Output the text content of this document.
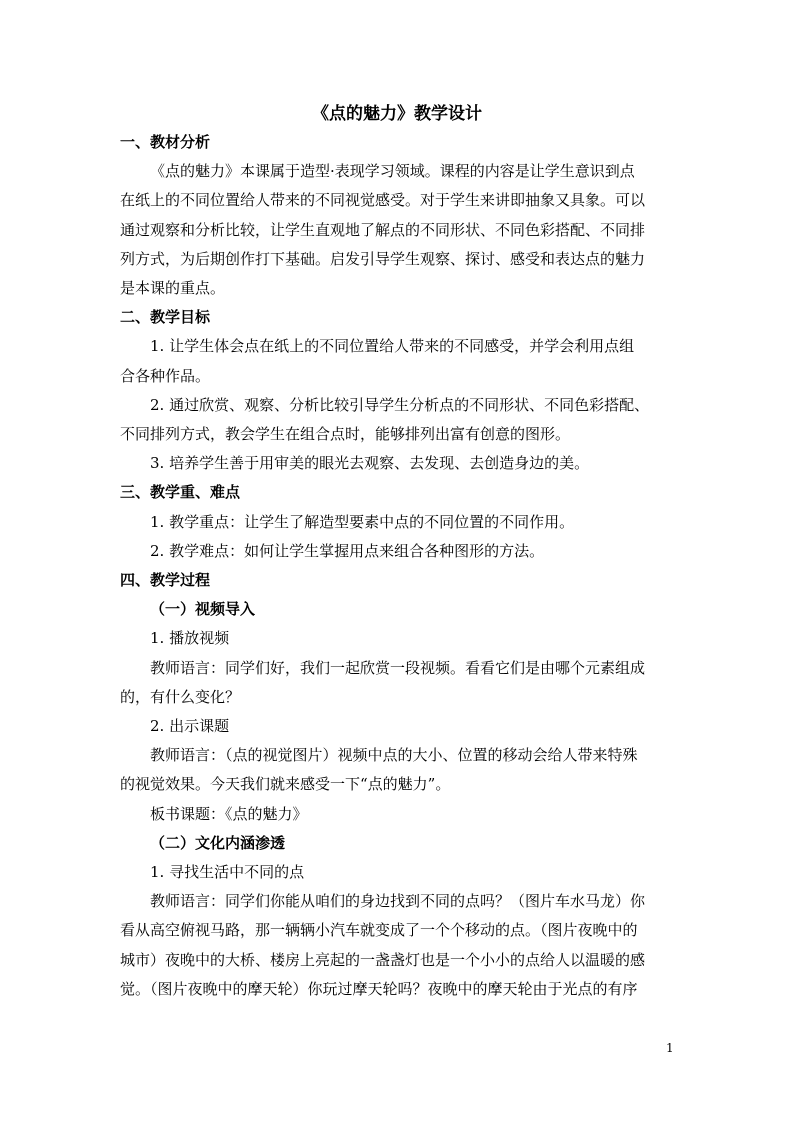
《点的魅力》教学设计
一、教材分析
《点的魅力》本课属于造型·表现学习领域。课程的内容是让学生意识到点
在纸上的不同位置给人带来的不同视觉感受。对于学生来讲即抽象又具象。可以
通过观察和分析比较，让学生直观地了解点的不同形状、不同色彩搭配、不同排
列方式，为后期创作打下基础。启发引导学生观察、探讨、感受和表达点的魅力
是本课的重点。
二、教学目标
1. 让学生体会点在纸上的不同位置给人带来的不同感受，并学会利用点组
合各种作品。
2. 通过欣赏、观察、分析比较引导学生分析点的不同形状、不同色彩搭配、
不同排列方式，教会学生在组合点时，能够排列出富有创意的图形。
3. 培养学生善于用审美的眼光去观察、去发现、去创造身边的美。
三、教学重、难点
1. 教学重点：让学生了解造型要素中点的不同位置的不同作用。
2. 教学难点：如何让学生掌握用点来组合各种图形的方法。
四、教学过程
（一）视频导入
1. 播放视频
教师语言：同学们好，我们一起欣赏一段视频。看看它们是由哪个元素组成
的，有什么变化？
2. 出示课题
教师语言：（点的视觉图片）视频中点的大小、位置的移动会给人带来特殊
的视觉效果。今天我们就来感受一下“点的魅力”。
板书课题：《点的魅力》
（二）文化内涵渗透
1. 寻找生活中不同的点
教师语言：同学们你能从咱们的身边找到不同的点吗？（图片车水马龙）你
看从高空俯视马路，那一辆辆小汽车就变成了一个个移动的点。（图片夜晚中的
城市）夜晚中的大桥、楼房上亮起的一盏盏灯也是一个小小的点给人以温暖的感
觉。（图片夜晚中的摩天轮）你玩过摩天轮吗？夜晚中的摩天轮由于光点的有序
1
